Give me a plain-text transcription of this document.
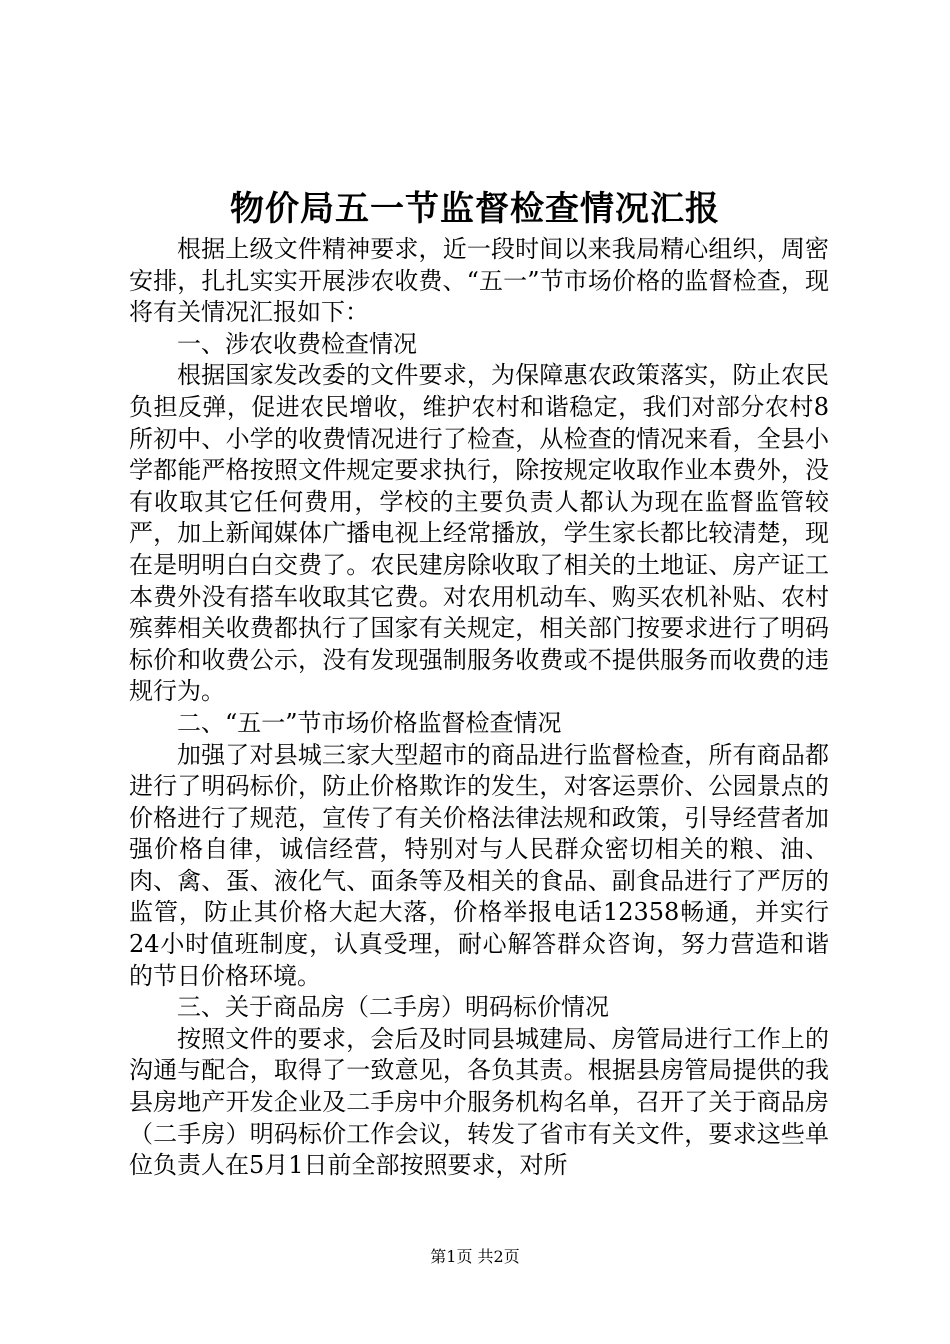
物价局五一节监督检查情况汇报

根据上级文件精神要求，近一段时间以来我局精心组织，周密安排，扎扎实实开展涉农收费、“五一”节市场价格的监督检查，现将有关情况汇报如下：

一、涉农收费检查情况

根据国家发改委的文件要求，为保障惠农政策落实，防止农民负担反弹，促进农民增收，维护农村和谐稳定，我们对部分农村8所初中、小学的收费情况进行了检查，从检查的情况来看，全县小学都能严格按照文件规定要求执行，除按规定收取作业本费外，没有收取其它任何费用，学校的主要负责人都认为现在监督监管较严，加上新闻媒体广播电视上经常播放，学生家长都比较清楚，现在是明明白白交费了。农民建房除收取了相关的土地证、房产证工本费外没有搭车收取其它费。对农用机动车、购买农机补贴、农村殡葬相关收费都执行了国家有关规定，相关部门按要求进行了明码标价和收费公示，没有发现强制服务收费或不提供服务而收费的违规行为。

二、“五一”节市场价格监督检查情况

加强了对县城三家大型超市的商品进行监督检查，所有商品都进行了明码标价，防止价格欺诈的发生，对客运票价、公园景点的价格进行了规范，宣传了有关价格法律法规和政策，引导经营者加强价格自律，诚信经营，特别对与人民群众密切相关的粮、油、肉、禽、蛋、液化气、面条等及相关的食品、副食品进行了严厉的监管，防止其价格大起大落，价格举报电话12358畅通，并实行24小时值班制度，认真受理，耐心解答群众咨询，努力营造和谐的节日价格环境。

三、关于商品房（二手房）明码标价情况

按照文件的要求，会后及时同县城建局、房管局进行工作上的沟通与配合，取得了一致意见，各负其责。根据县房管局提供的我县房地产开发企业及二手房中介服务机构名单，召开了关于商品房（二手房）明码标价工作会议，转发了省市有关文件，要求这些单位负责人在5月1日前全部按照要求，对所

第1页 共2页
